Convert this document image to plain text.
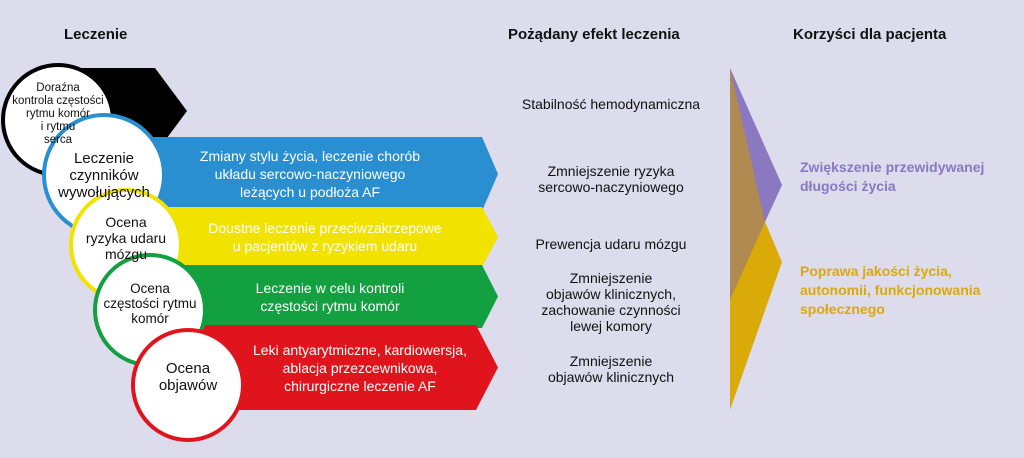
Leczenie	Pożądany efekt leczenia	Korzyści dla pacjenta
Zmiany stylu życia, leczenie chorób
układu sercowo-naczyniowego
leżących u podłoża AF
Doustne leczenie przeciwzakrzepowe
u pacjentów z ryzykiem udaru
Leczenie w celu kontroli
częstości rytmu komór
Leki antyarytmiczne, kardiowersja,
ablacja przezcewnikowa,
chirurgiczne leczenie AF
Doraźna
kontrola częstości
rytmu komór
i rytmu
serca
Leczenie
czynników
wywołujących
Ocena
ryzyka udaru
mózgu
Ocena
częstości rytmu
komór
Ocena
objawów
Stabilność hemodynamiczna
Zmniejszenie ryzyka
sercowo-naczyniowego
Prewencja udaru mózgu
Zmniejszenie
objawów klinicznych,
zachowanie czynności
lewej komory
Zmniejszenie
objawów klinicznych
Zwiększenie przewidywanej
długości życia
Poprawa jakości życia,
autonomii, funkcjonowania
społecznego
